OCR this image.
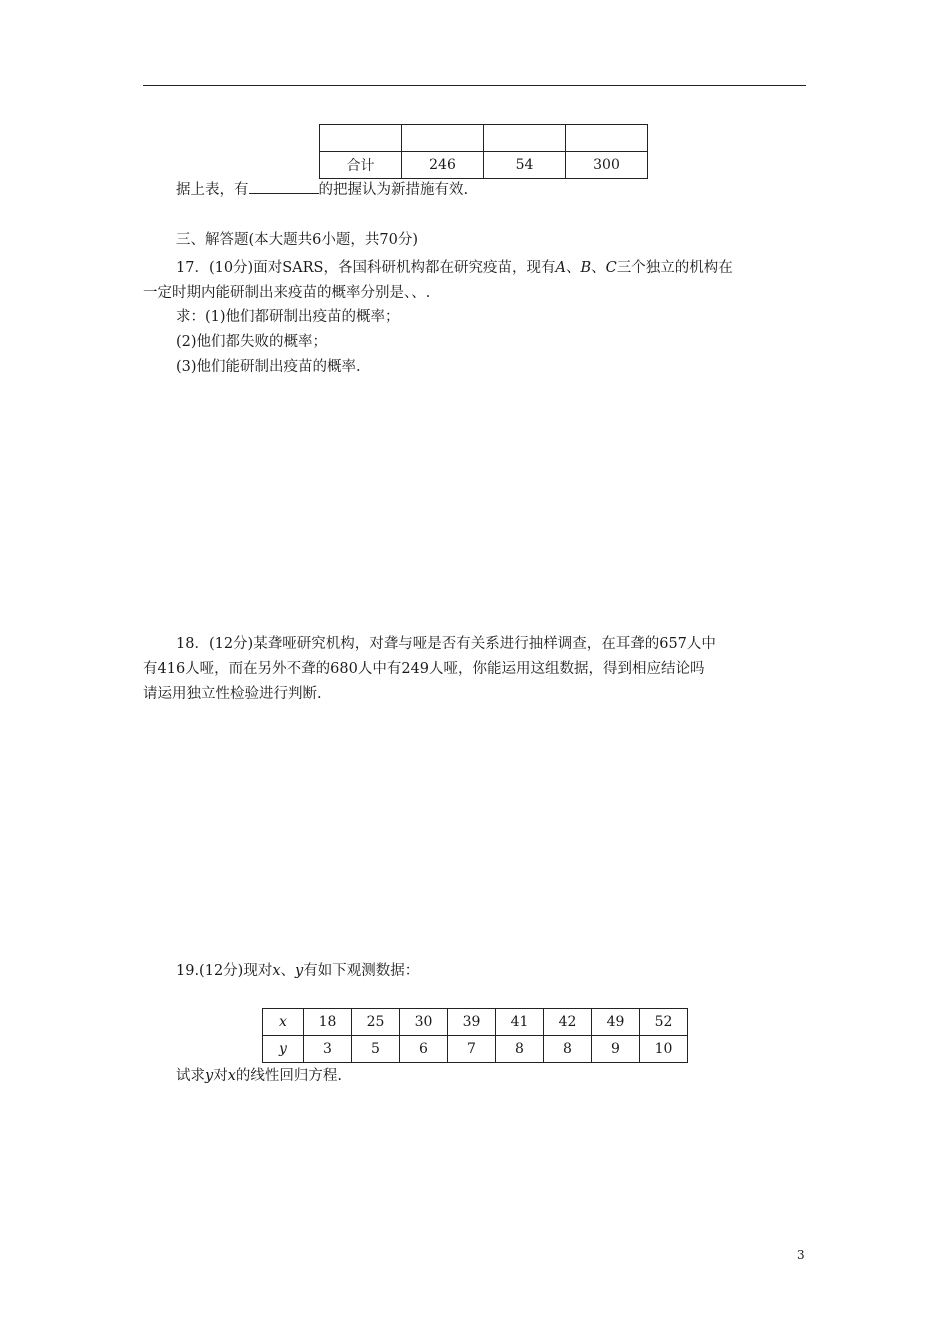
合计	246	54	300
据上表，有	的把握认为新措施有效.
三、解答题(本大题共6小题，共70分)
17．(10分)面对SARS，各国科研机构都在研究疫苗，现有A、B、C三个独立的机构在
一定时期内能研制出来疫苗的概率分别是、、.
求：(1)他们都研制出疫苗的概率；
(2)他们都失败的概率；
(3)他们能研制出疫苗的概率.
18．(12分)某聋哑研究机构，对聋与哑是否有关系进行抽样调查，在耳聋的657人中
有416人哑，而在另外不聋的680人中有249人哑，你能运用这组数据，得到相应结论吗
请运用独立性检验进行判断.
19.(12分)现对x、y有如下观测数据：
x	18	25	30	39	41	42	49	52
y	3	5	6	7	8	8	9	10
试求y对x的线性回归方程.
3
